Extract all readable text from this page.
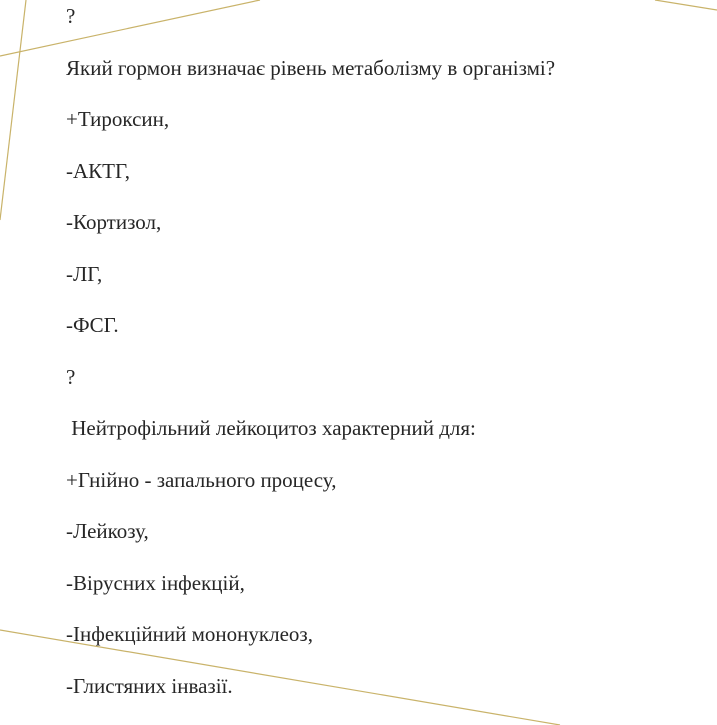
?
Який гормон визначає рівень метаболізму в організмі?
+Тироксин,
-АКТГ,
-Кортизол,
-ЛГ,
-ФСГ.
?
Нейтрофільний лейкоцитоз характерний для:
+Гнійно - запального процесу,
-Лейкозу,
-Вірусних інфекцій,
-Інфекційний мононуклеоз,
-Глистяних інвазії.
